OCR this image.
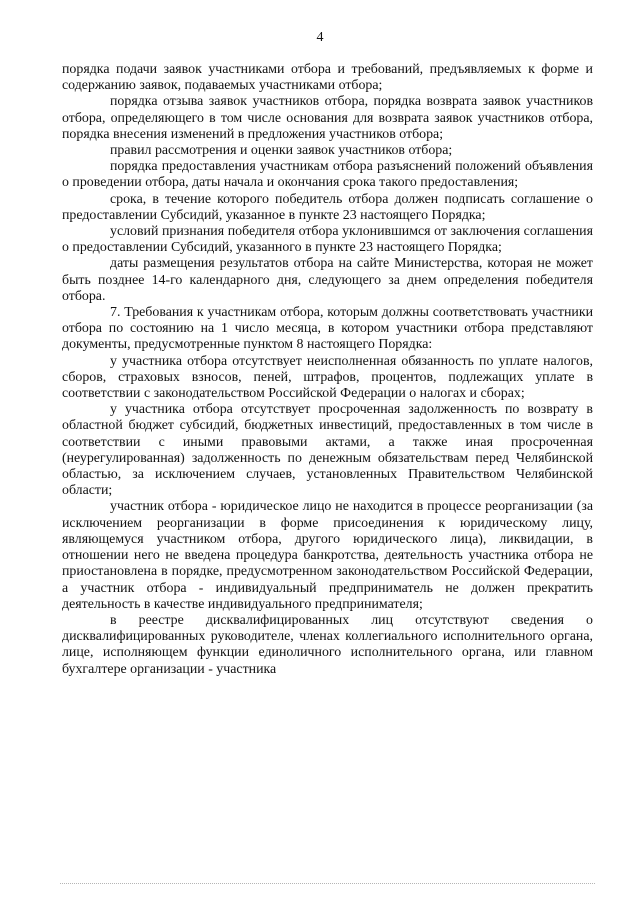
4

порядка подачи заявок участниками отбора и требований, предъявляемых к форме и содержанию заявок, подаваемых участниками отбора;

порядка отзыва заявок участников отбора, порядка возврата заявок участников отбора, определяющего в том числе основания для возврата заявок участников отбора, порядка внесения изменений в предложения участников отбора;

правил рассмотрения и оценки заявок участников отбора;

порядка предоставления участникам отбора разъяснений положений объявления о проведении отбора, даты начала и окончания срока такого предоставления;

срока, в течение которого победитель отбора должен подписать соглашение о предоставлении Субсидий, указанное в пункте 23 настоящего Порядка;

условий признания победителя отбора уклонившимся от заключения соглашения о предоставлении Субсидий, указанного в пункте 23 настоящего Порядка;

даты размещения результатов отбора на сайте Министерства, которая не может быть позднее 14-го календарного дня, следующего за днем определения победителя отбора.

7. Требования к участникам отбора, которым должны соответствовать участники отбора по состоянию на 1 число месяца, в котором участники отбора представляют документы, предусмотренные пунктом 8 настоящего Порядка:

у участника отбора отсутствует неисполненная обязанность по уплате налогов, сборов, страховых взносов, пеней, штрафов, процентов, подлежащих уплате в соответствии с законодательством Российской Федерации о налогах и сборах;

у участника отбора отсутствует просроченная задолженность по возврату в областной бюджет субсидий, бюджетных инвестиций, предоставленных в том числе в соответствии с иными правовыми актами, а также иная просроченная (неурегулированная) задолженность по денежным обязательствам перед Челябинской областью, за исключением случаев, установленных Правительством Челябинской области;

участник отбора - юридическое лицо не находится в процессе реорганизации (за исключением реорганизации в форме присоединения к юридическому лицу, являющемуся участником отбора, другого юридического лица), ликвидации, в отношении него не введена процедура банкротства, деятельность участника отбора не приостановлена в порядке, предусмотренном законодательством Российской Федерации, а участник отбора - индивидуальный предприниматель не должен прекратить деятельность в качестве индивидуального предпринимателя;

в реестре дисквалифицированных лиц отсутствуют сведения о дисквалифицированных руководителе, членах коллегиального исполнительного органа, лице, исполняющем функции единоличного исполнительного органа, или главном бухгалтере организации - участника
